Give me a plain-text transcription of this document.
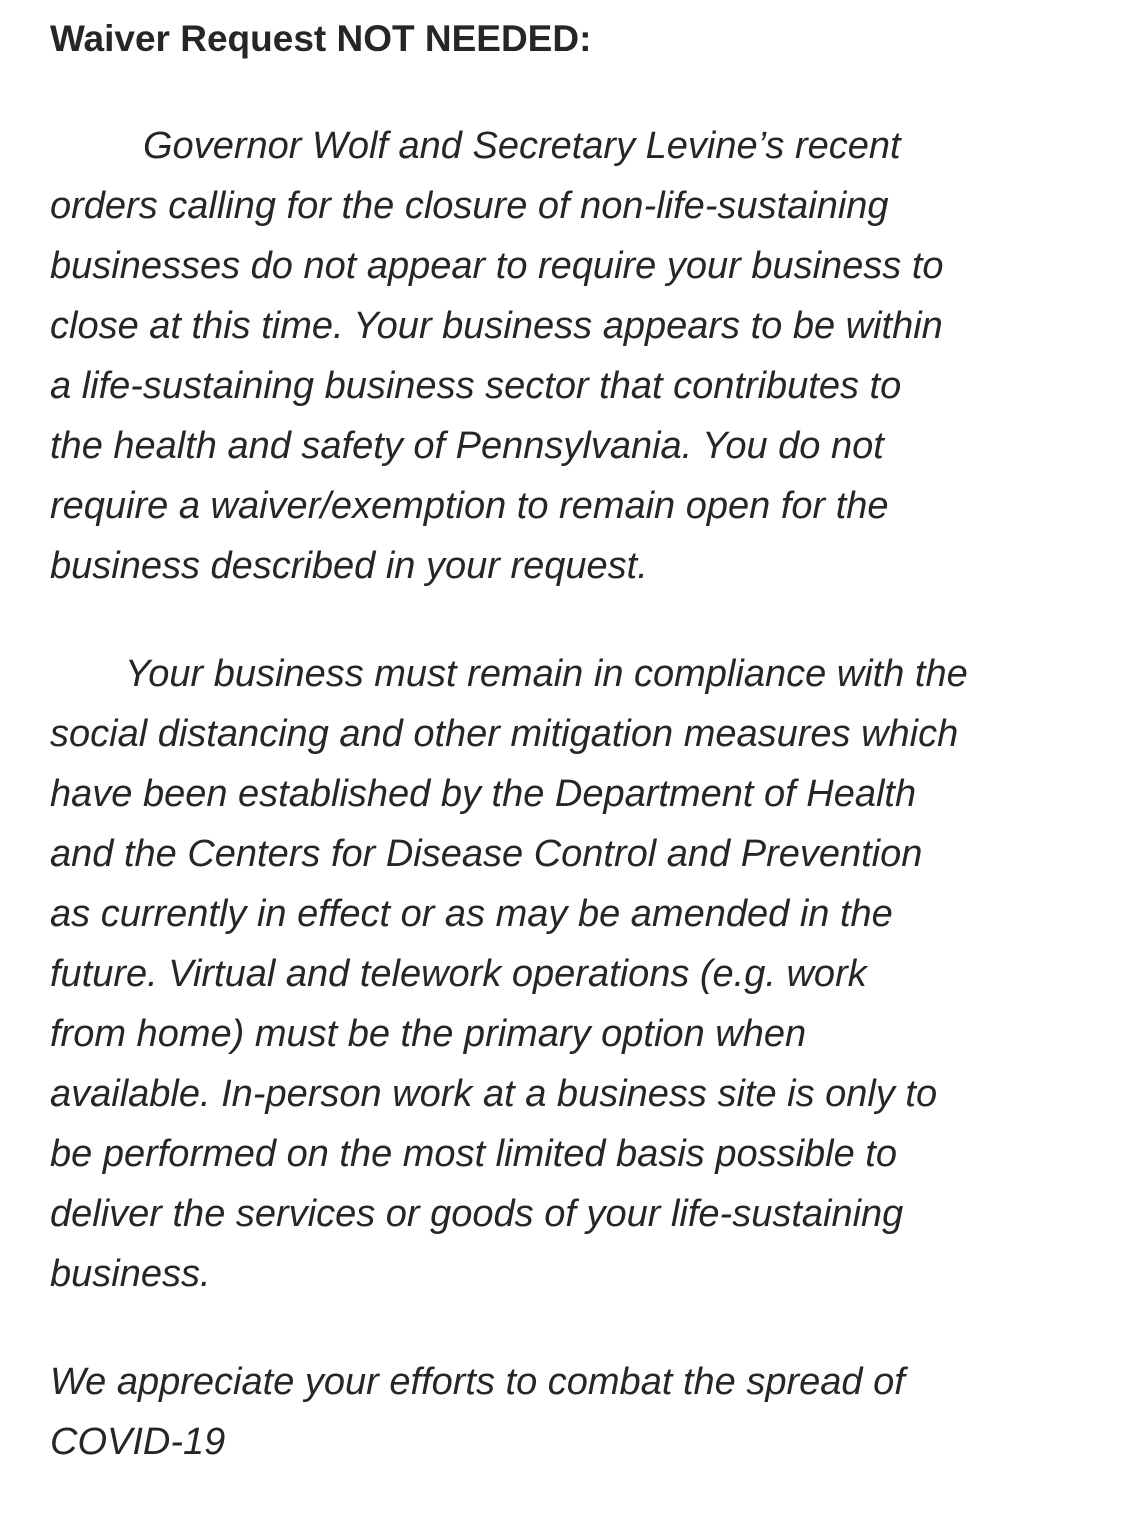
Waiver Request NOT NEEDED:

Governor Wolf and Secretary Levine’s recent
orders calling for the closure of non-life-sustaining
businesses do not appear to require your business to
close at this time. Your business appears to be within
a life-sustaining business sector that contributes to
the health and safety of Pennsylvania. You do not
require a waiver/exemption to remain open for the
business described in your request.

Your business must remain in compliance with the
social distancing and other mitigation measures which
have been established by the Department of Health
and the Centers for Disease Control and Prevention
as currently in effect or as may be amended in the
future. Virtual and telework operations (e.g. work
from home) must be the primary option when
available. In-person work at a business site is only to
be performed on the most limited basis possible to
deliver the services or goods of your life-sustaining
business.

We appreciate your efforts to combat the spread of
COVID-19
